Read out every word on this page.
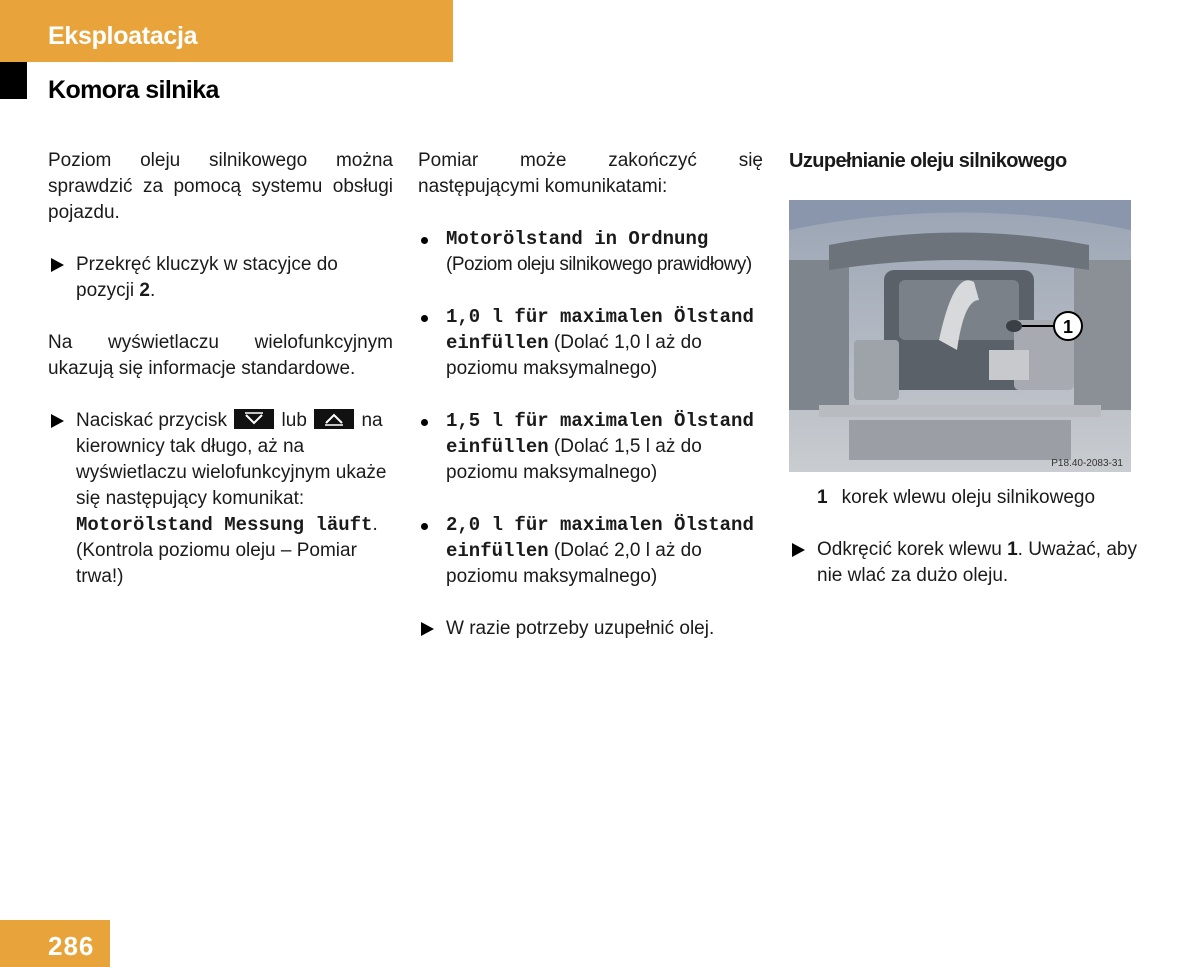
Eksploatacja
Komora silnika

Poziom oleju silnikowego można sprawdzić za pomocą systemu obsługi pojazdu.

Przekręć kluczyk w stacyjce do pozycji 2.

Na wyświetlaczu wielofunkcyjnym ukazują się informacje standardowe.

Naciskać przycisk	lub	na kierownicy tak długo, aż na wyświetlaczu wielofunkcyjnym ukaże się następujący komunikat: Motorölstand Messung läuft. (Kontrola poziomu oleju – Pomiar trwa!)

Pomiar może zakończyć się następującymi komunikatami:

Motorölstand in Ordnung
(Poziom oleju silnikowego prawidłowy)

1,0 l für maximalen Ölstand einfüllen (Dolać 1,0 l aż do poziomu maksymalnego)

1,5 l für maximalen Ölstand einfüllen (Dolać 1,5 l aż do poziomu maksymalnego)

2,0 l für maximalen Ölstand einfüllen (Dolać 2,0 l aż do poziomu maksymalnego)

W razie potrzeby uzupełnić olej.

Uzupełnianie oleju silnikowego

1
P18.40-2083-31
1 korek wlewu oleju silnikowego

Odkręcić korek wlewu 1. Uważać, aby nie wlać za dużo oleju.

286
